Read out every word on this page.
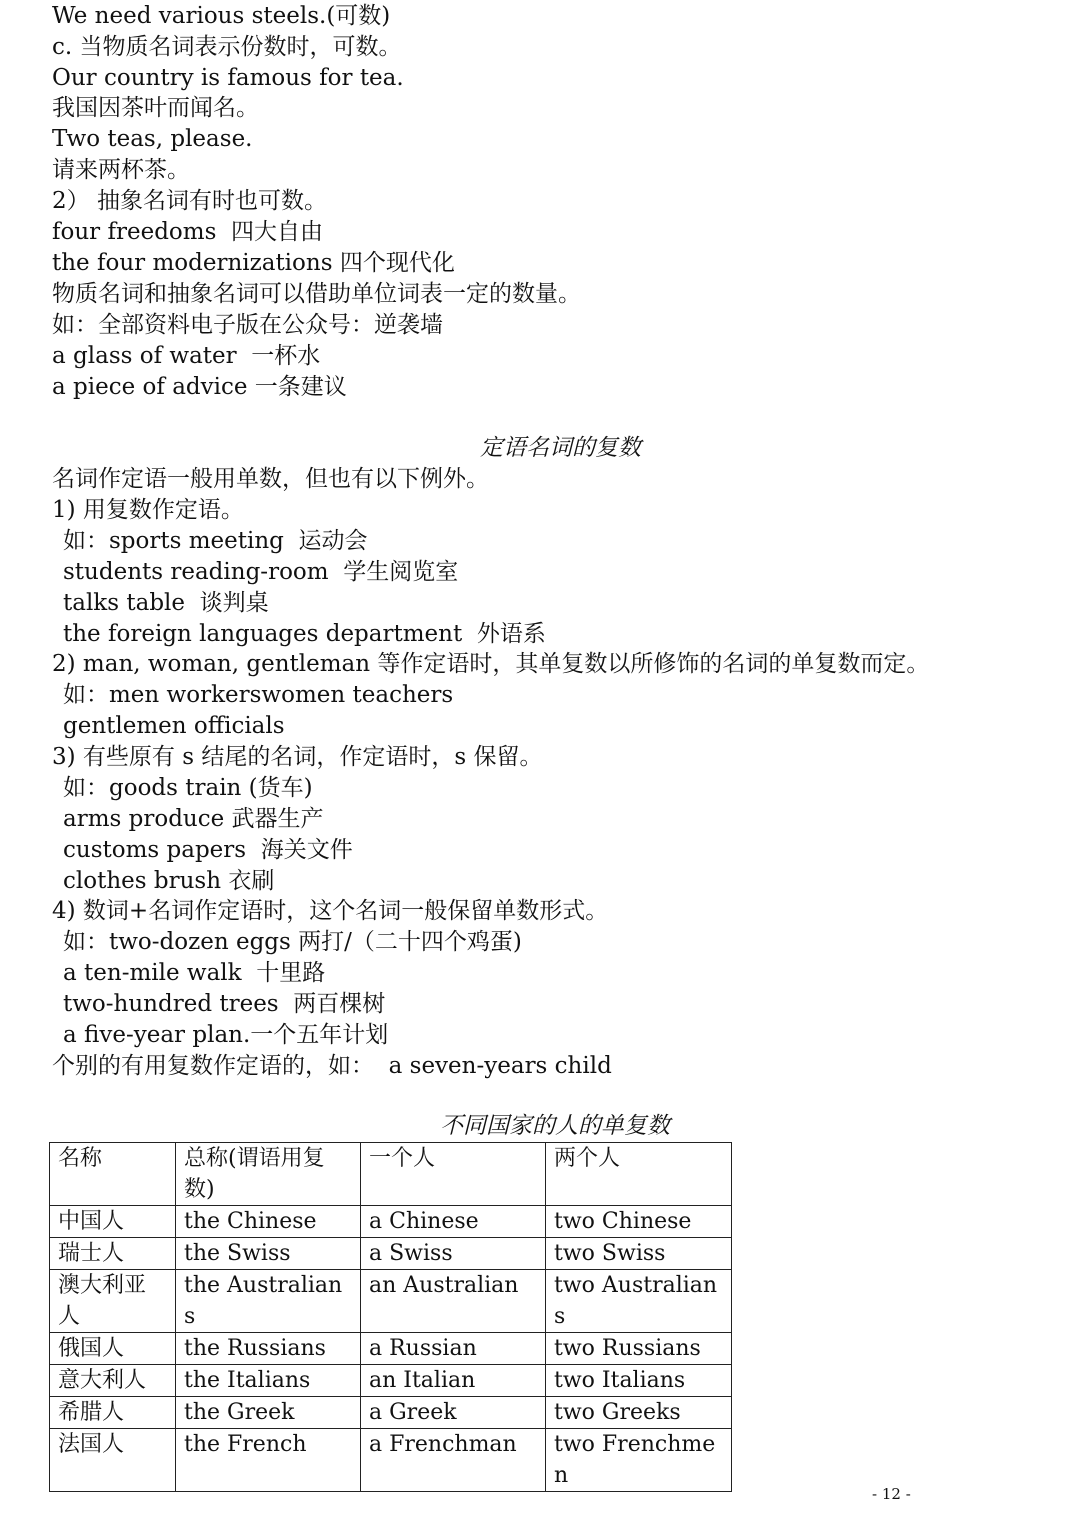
We need various steels.(可数)
c. 当物质名词表示份数时，可数。
Our country is famous for tea.
我国因茶叶而闻名。
Two teas, please.
请来两杯茶。
2） 抽象名词有时也可数。
four freedoms  四大自由
the four modernizations 四个现代化
物质名词和抽象名词可以借助单位词表一定的数量。
如：全部资料电子版在公众号：逆袭墙
a glass of water  一杯水
a piece of advice 一条建议
定语名词的复数
名词作定语一般用单数，但也有以下例外。
1) 用复数作定语。
如：sports meeting  运动会
students reading-room  学生阅览室
talks table  谈判桌
the foreign languages department  外语系
2) man, woman, gentleman 等作定语时，其单复数以所修饰的名词的单复数而定。
如：men workerswomen teachers
gentlemen officials
3) 有些原有 s 结尾的名词，作定语时，s 保留。
如：goods train (货车)
arms produce 武器生产
customs papers  海关文件
clothes brush 衣刷
4) 数词+名词作定语时，这个名词一般保留单数形式。
如：two-dozen eggs 两打/（二十四个鸡蛋)
a ten-mile walk  十里路
two-hundred trees  两百棵树
a five-year plan.一个五年计划
个别的有用复数作定语的，如：  a seven-years child
不同国家的人的单复数
名称	总称(谓语用复数)	一个人	两个人
中国人	the Chinese	a Chinese	two Chinese
瑞士人	the Swiss	a Swiss	two Swiss
澳大利亚人	the Australians	an Australian	two Australians
俄国人	the Russians	a Russian	two Russians
意大利人	the Italians	an Italian	two Italians
希腊人	the Greek	a Greek	two Greeks
法国人	the French	a Frenchman	two Frenchmen
- 12 -
